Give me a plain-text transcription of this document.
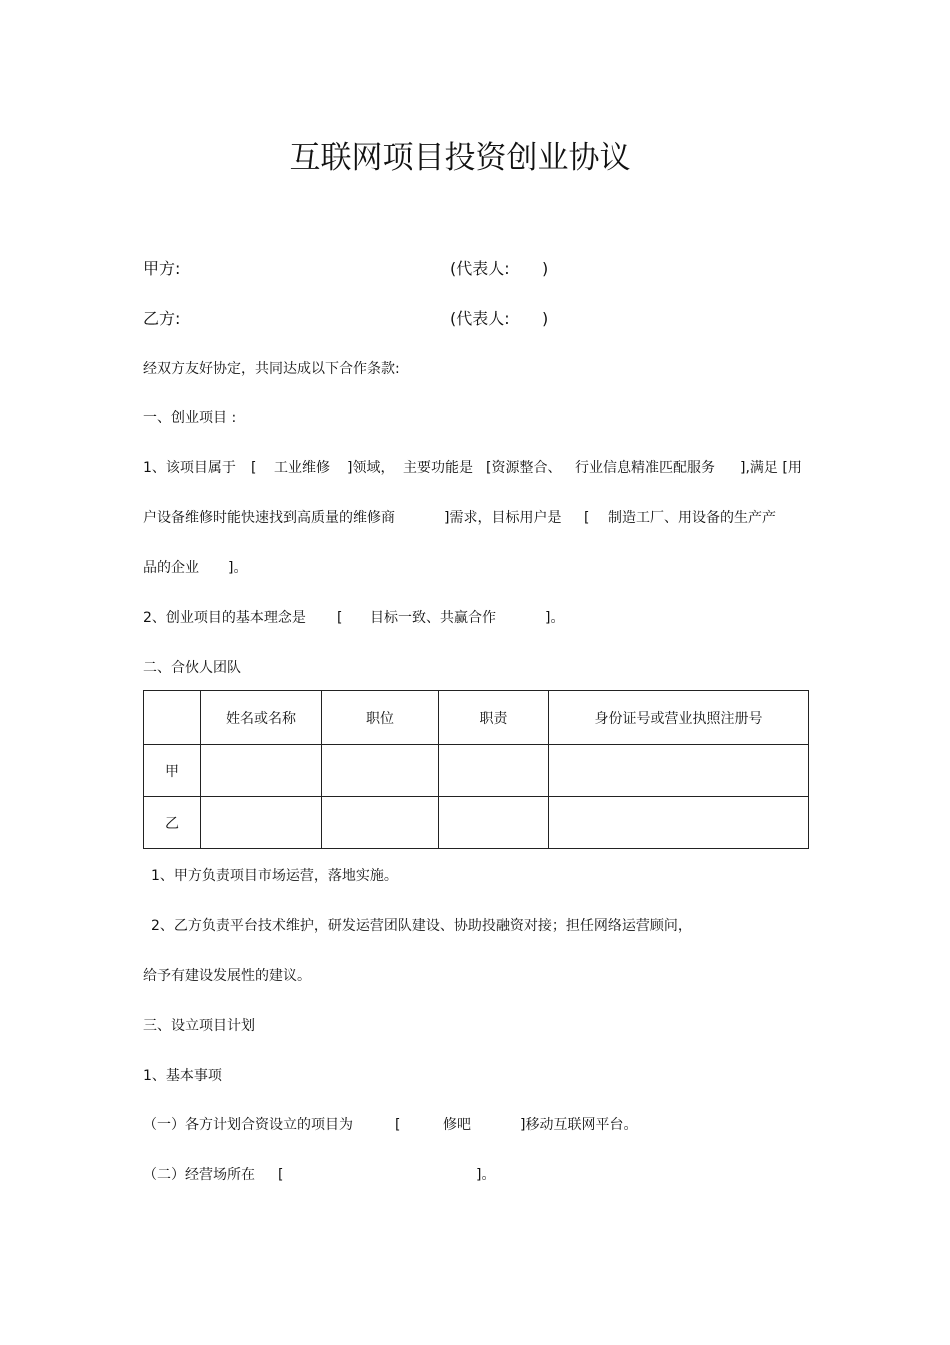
互联网项目投资创业协议
甲方:	(代表人: )
乙方:	(代表人: )
经双方友好协定，共同达成以下合作条款:
一、创业项目 :
1、该项目属于 [ 工业维修 ]领域， 主要功能是 [资源整合、 行业信息精准匹配服务 ],满足 [用
户设备维修时能快速找到高质量的维修商	]需求，目标用户是 [ 制造工厂、用设备的生产产
品的企业 ]。
2、创业项目的基本理念是 [ 目标一致、共赢合作	]。
二、合伙人团队
	姓名或名称	职位	职责	身份证号或营业执照注册号
甲				
乙				
1、甲方负责项目市场运营，落地实施。
2、乙方负责平台技术维护，研发运营团队建设、协助投融资对接；担任网络运营顾问，
给予有建设发展性的建议。
三、设立项目计划
1、基本事项
（一）各方计划合资设立的项目为	[	修吧	]移动互联网平台。
（二）经营场所在 [	]。
